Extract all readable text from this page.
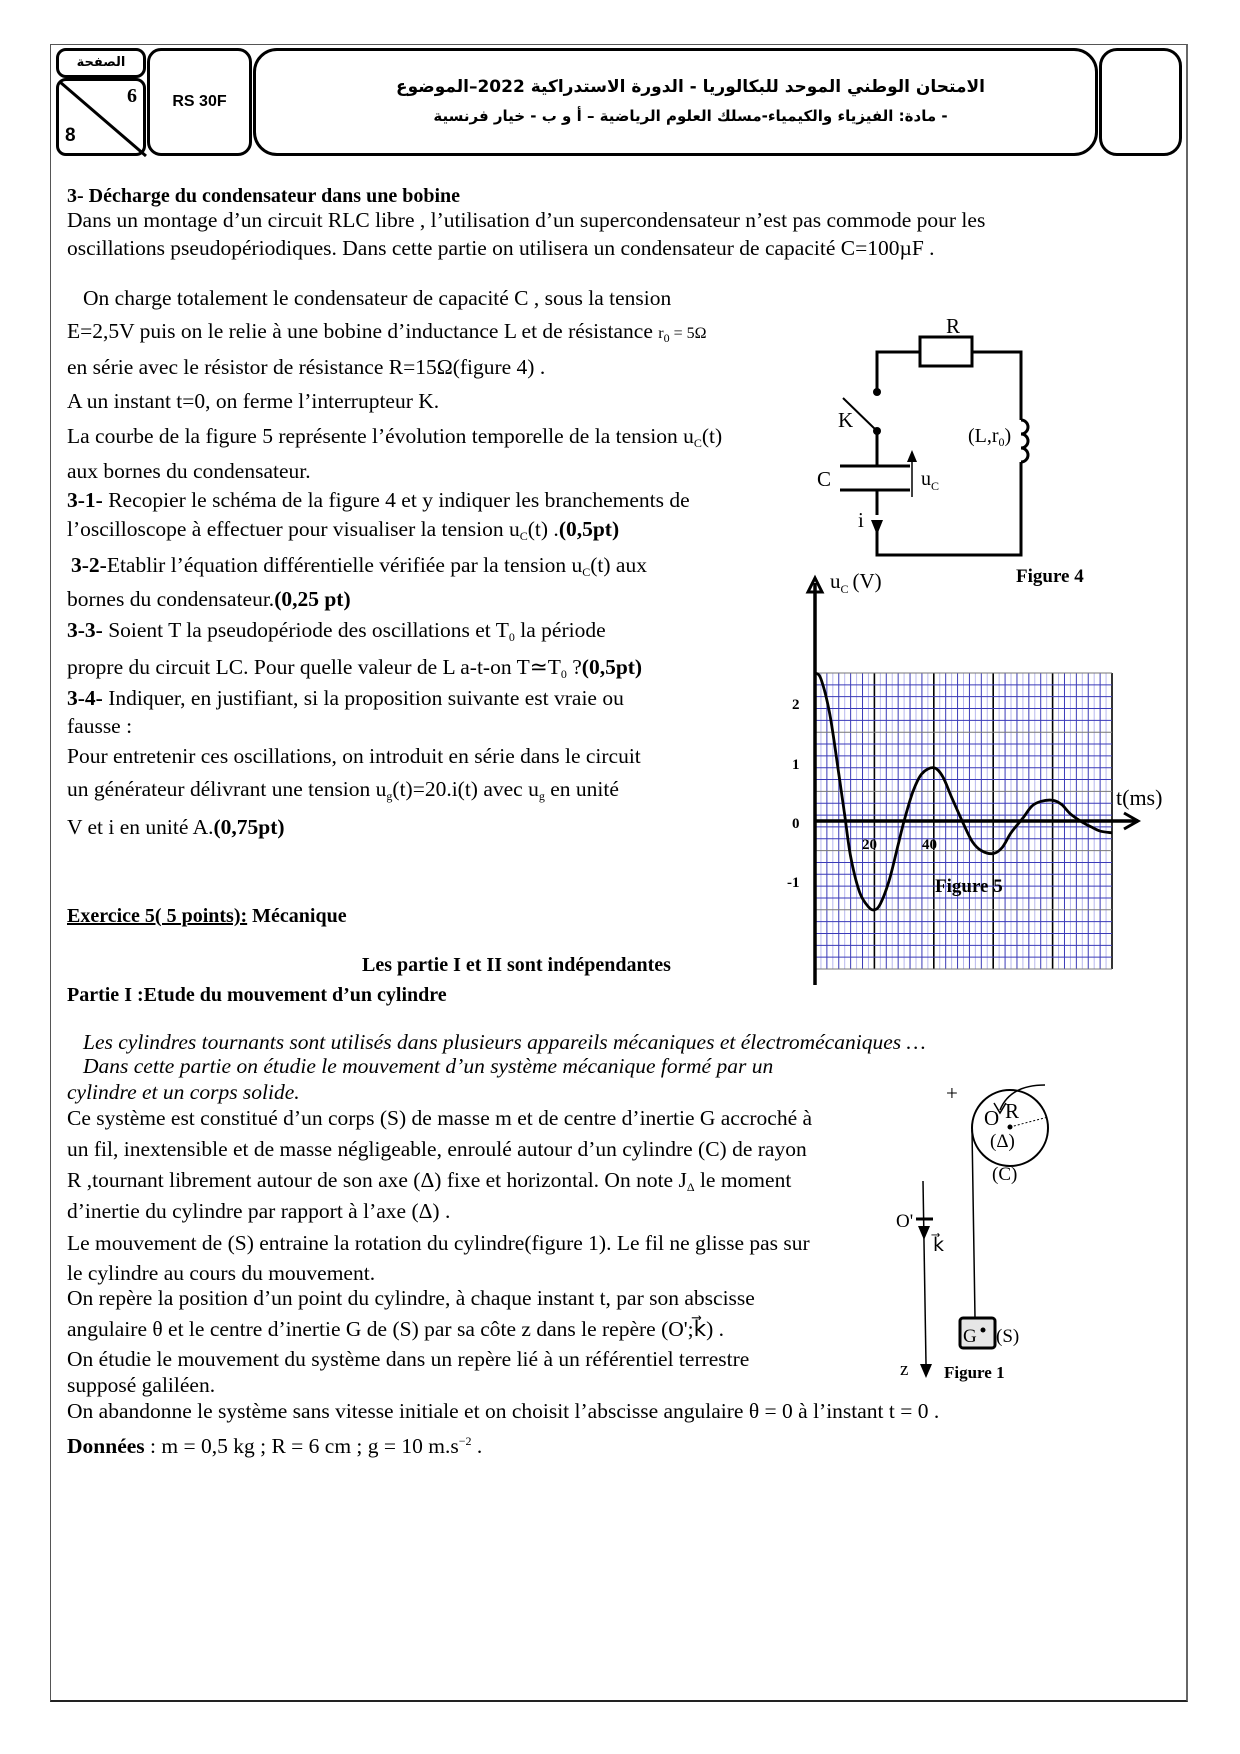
الصفحة
6
8
RS 30F
الامتحان الوطني الموحد للبكالوريا - الدورة الاستدراكية 2022–الموضوع
- مادة: الفيزياء والكيمياء-مسلك العلوم الرياضية – أ و ب - خيار فرنسية
3- Décharge du condensateur dans une bobine
Dans un montage d’un circuit RLC libre , l’utilisation d’un supercondensateur n’est pas commode pour les
oscillations pseudopériodiques. Dans cette partie on utilisera un condensateur de capacité C=100µF .
On charge totalement le condensateur de capacité C , sous la tension
E=2,5V puis on le relie à une bobine d’inductance L et de résistance $r_0 = 5\Omega$
en série avec le résistor de résistance R=15Ω(figure 4) .
A un instant t=0, on ferme l’interrupteur K.
La courbe de la figure 5 représente l’évolution temporelle de la tension $u_C(t)$
aux bornes du condensateur.
3-1- Recopier le schéma de la figure 4 et y indiquer les branchements de
l’oscilloscope à effectuer pour visualiser la tension $u_C(t)$ .(0,5pt)
3-2-Etablir l’équation différentielle vérifiée par la tension $u_C(t)$ aux
bornes du condensateur.(0,25 pt)
3-3- Soient T la pseudopériode des oscillations et $T_0$ la période
propre du circuit LC. Pour quelle valeur de L a-t-on $T≃T_0$ ?(0,5pt)
3-4- Indiquer, en justifiant, si la proposition suivante est vraie ou
fausse :
Pour entretenir ces oscillations, on introduit en série dans le circuit
un générateur délivrant une tension $u_g(t)=20.i(t)$ avec $u_g$ en unité
V et i en unité A.(0,75pt)
R
K
$(L,r_0)$
C	$u_C$
i
Figure 4
$u_C$ (V)
t(ms)
2
1
0
-1
20	40
Figure 5
Exercice 5( 5 points): Mécanique
Les partie I et II sont indépendantes
Partie I :Etude du mouvement d’un cylindre
Les cylindres tournants sont utilisés dans plusieurs appareils mécaniques et électromécaniques …
Dans cette partie on étudie le mouvement d’un système mécanique formé par un
cylindre et un corps solide.
Ce système est constitué d’un corps (S) de masse m et de centre d’inertie G accroché à
un fil, inextensible et de masse négligeable, enroulé autour d’un cylindre (C) de rayon
R ,tournant librement autour de son axe (Δ) fixe et horizontal. On note $J_\Delta$ le moment
d’inertie du cylindre par rapport à l’axe (Δ) .
Le mouvement de (S) entraine la rotation du cylindre(figure 1). Le fil ne glisse pas sur
le cylindre au cours du mouvement.
On repère la position d’un point du cylindre, à chaque instant t, par son abscisse
angulaire θ et le centre d’inertie G de (S) par sa côte z dans le repère (O';k⃗) .
On étudie le mouvement du système dans un repère lié à un référentiel terrestre
supposé galiléen.
On abandonne le système sans vitesse initiale et on choisit l’abscisse angulaire θ = 0 à l’instant t = 0 .
Données : m = 0,5 kg ; R = 6 cm ; g = 10 $m.s^{-2}$ .
+
O R
(Δ)
(C)
O'
k⃗
z
G (S)
Figure 1
